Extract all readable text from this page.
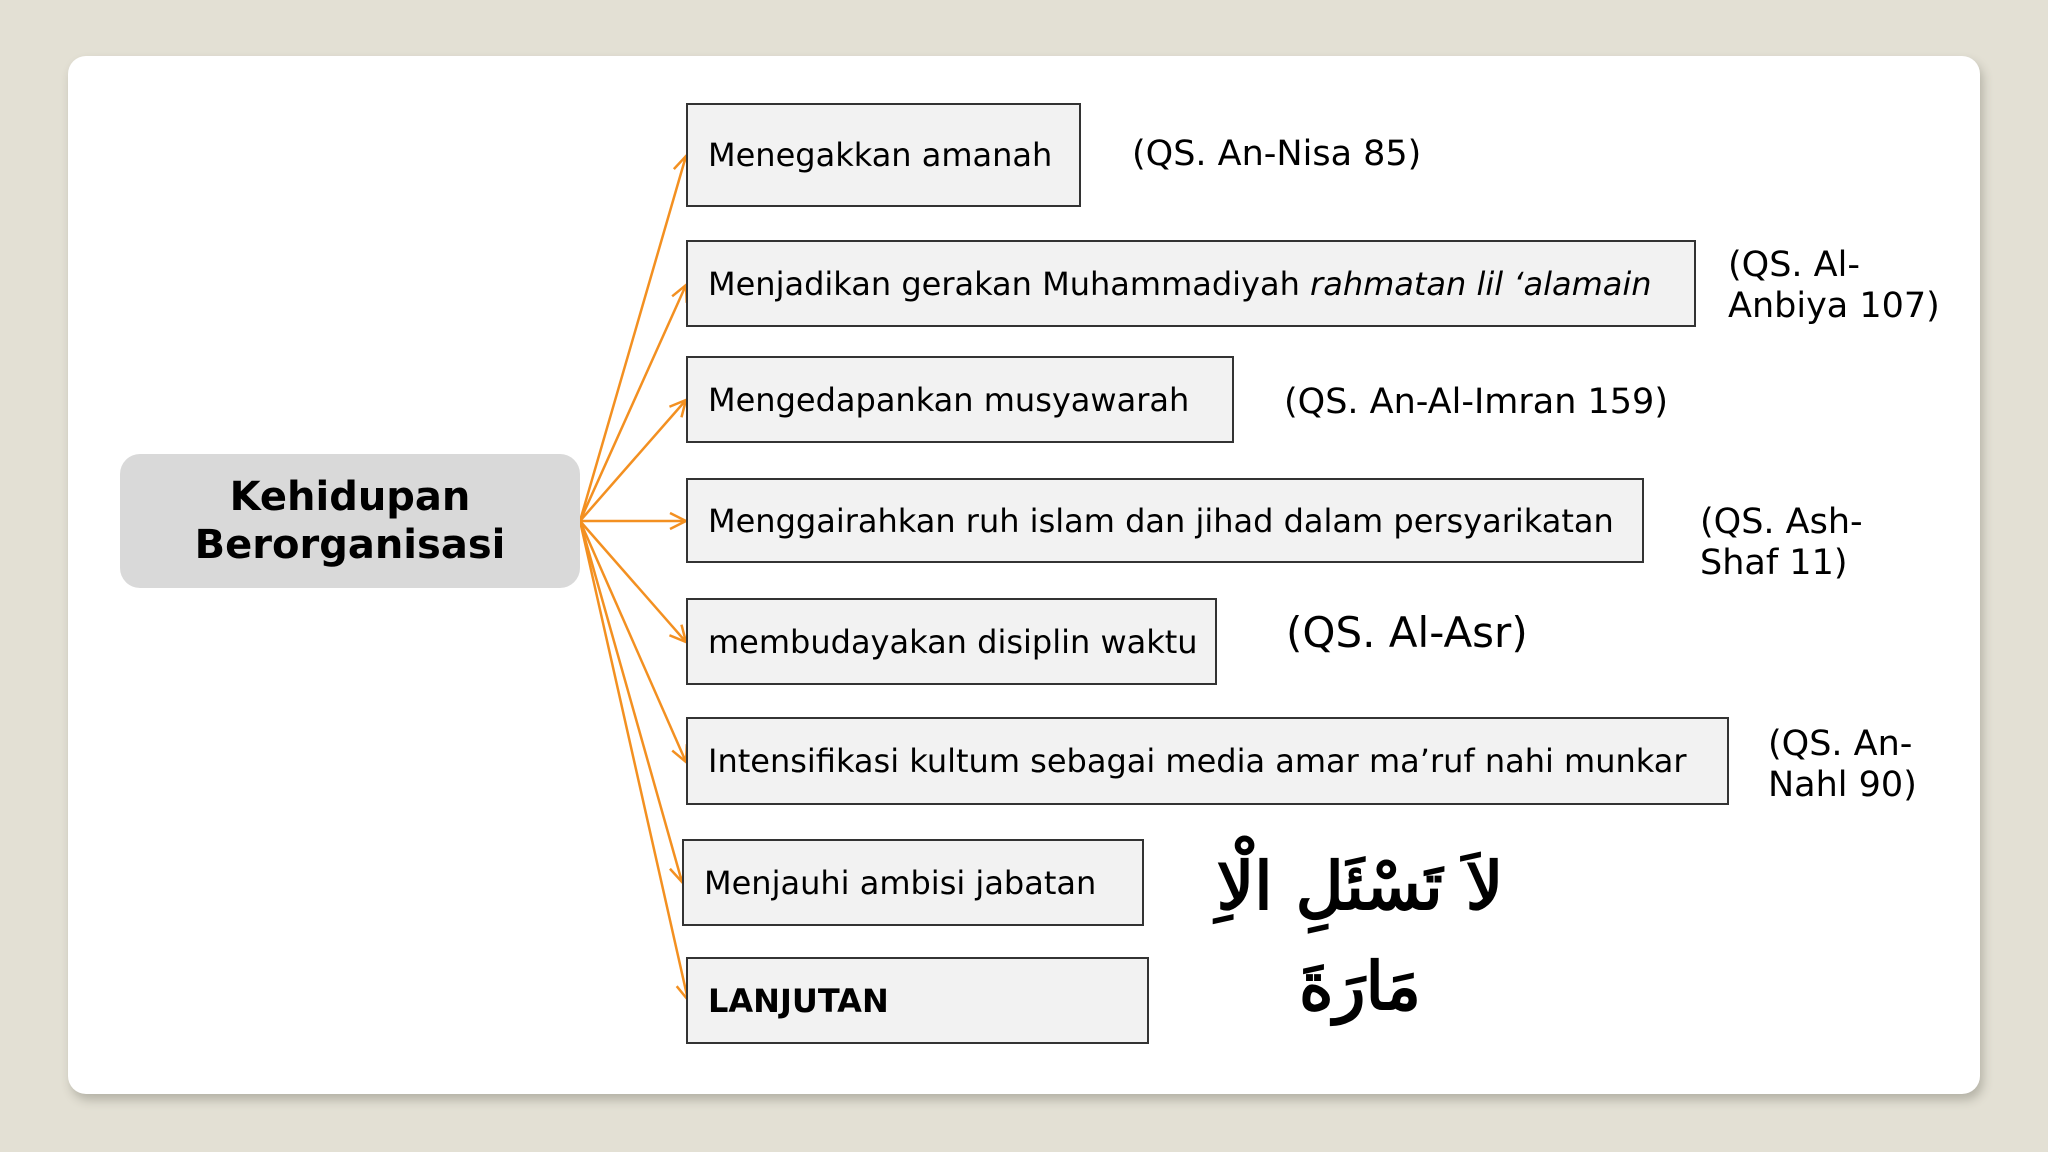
Kehidupan
Berorganisasi
Menegakkan amanah (QS. An-Nisa 85)
Menjadikan gerakan Muhammadiyah rahmatan lil ‘alamain (QS. Al-
Anbiya 107)
Mengedapankan musyawarah	(QS. An-Al-Imran 159)
Menggairahkan ruh islam dan jihad dalam persyarikatan (QS. Ash-
Shaf 11)
membudayakan disiplin waktu (QS. Al-Asr)
Intensifikasi kultum sebagai media amar ma’ruf nahi munkar (QS. An-
Nahl 90)
Menjauhi ambisi jabatan	لاَ تَسْئَلِ الْاِ مَارَةَ
LANJUTAN
